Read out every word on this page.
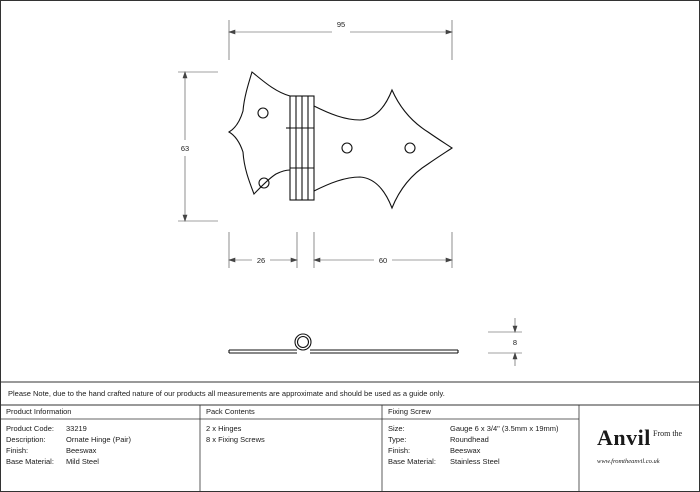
95
63
26	60
8
Please Note, due to the hand crafted nature of our products all measurements are approximate and should be used as a guide only.
Product Information
Product Code:	33219
Description:	Ornate Hinge (Pair)
Finish:	Beeswax
Base Material:	Mild Steel
Pack Contents
2 x Hinges
8 x Fixing Screws
Fixing Screw
Size:	Gauge 6 x 3/4" (3.5mm x 19mm)
Type:	Roundhead
Finish:	Beeswax
Base Material:	Stainless Steel
Anvil From the
www.fromtheanvil.co.uk
